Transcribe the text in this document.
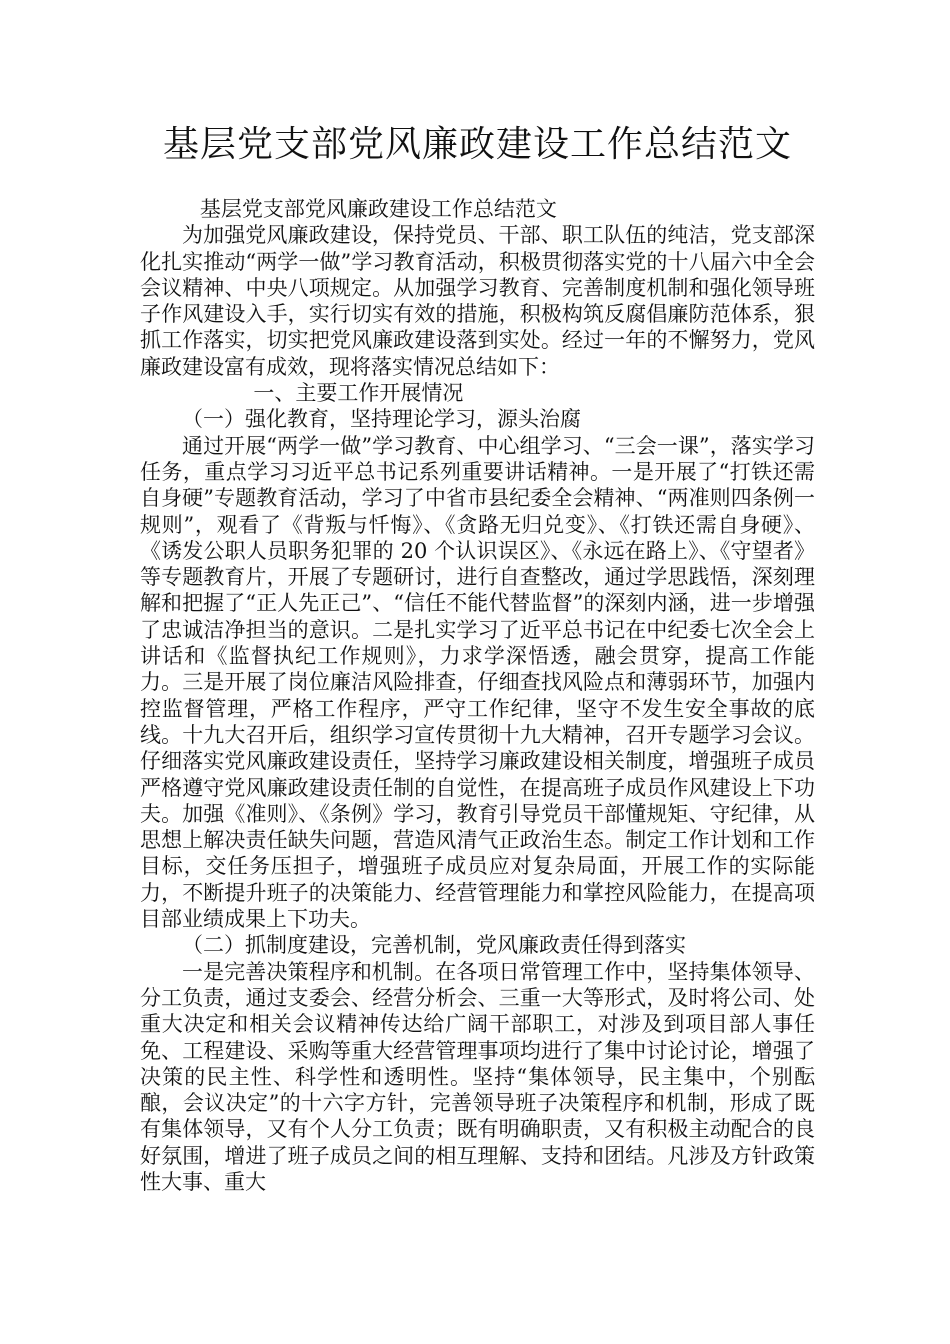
基层党支部党风廉政建设工作总结范文

基层党支部党风廉政建设工作总结范文

为加强党风廉政建设，保持党员、干部、职工队伍的纯洁，党支部深化扎实推动“两学一做”学习教育活动，积极贯彻落实党的十八届六中全会会议精神、中央八项规定。从加强学习教育、完善制度机制和强化领导班子作风建设入手，实行切实有效的措施，积极构筑反腐倡廉防范体系，狠抓工作落实，切实把党风廉政建设落到实处。经过一年的不懈努力，党风廉政建设富有成效，现将落实情况总结如下：

一、主要工作开展情况

（一）强化教育，坚持理论学习，源头治腐

通过开展“两学一做”学习教育、中心组学习、“三会一课”，落实学习任务，重点学习习近平总书记系列重要讲话精神。一是开展了“打铁还需自身硬”专题教育活动，学习了中省市县纪委全会精神、“两准则四条例一规则”，观看了《背叛与忏悔》、《贪路无归兑变》、《打铁还需自身硬》、《诱发公职人员职务犯罪的 20 个认识误区》、《永远在路上》、《守望者》等专题教育片，开展了专题研讨，进行自查整改，通过学思践悟，深刻理解和把握了“正人先正己”、“信任不能代替监督”的深刻内涵，进一步增强了忠诚洁净担当的意识。二是扎实学习了近平总书记在中纪委七次全会上讲话和《监督执纪工作规则》，力求学深悟透，融会贯穿，提高工作能力。三是开展了岗位廉洁风险排查，仔细查找风险点和薄弱环节，加强内控监督管理，严格工作程序，严守工作纪律，坚守不发生安全事故的底线。十九大召开后，组织学习宣传贯彻十九大精神，召开专题学习会议。仔细落实党风廉政建设责任，坚持学习廉政建设相关制度，增强班子成员严格遵守党风廉政建设责任制的自觉性，在提高班子成员作风建设上下功夫。加强《准则》、《条例》学习，教育引导党员干部懂规矩、守纪律，从思想上解决责任缺失问题，营造风清气正政治生态。制定工作计划和工作目标，交任务压担子，增强班子成员应对复杂局面，开展工作的实际能力，不断提升班子的决策能力、经营管理能力和掌控风险能力，在提高项目部业绩成果上下功夫。

（二）抓制度建设，完善机制，党风廉政责任得到落实

一是完善决策程序和机制。在各项日常管理工作中，坚持集体领导、分工负责，通过支委会、经营分析会、三重一大等形式，及时将公司、处重大决定和相关会议精神传达给广阔干部职工，对涉及到项目部人事任免、工程建设、采购等重大经营管理事项均进行了集中讨论讨论，增强了决策的民主性、科学性和透明性。坚持“集体领导，民主集中，个别酝酿，会议决定”的十六字方针，完善领导班子决策程序和机制，形成了既有集体领导，又有个人分工负责；既有明确职责，又有积极主动配合的良好氛围，增进了班子成员之间的相互理解、支持和团结。凡涉及方针政策性大事、重大
